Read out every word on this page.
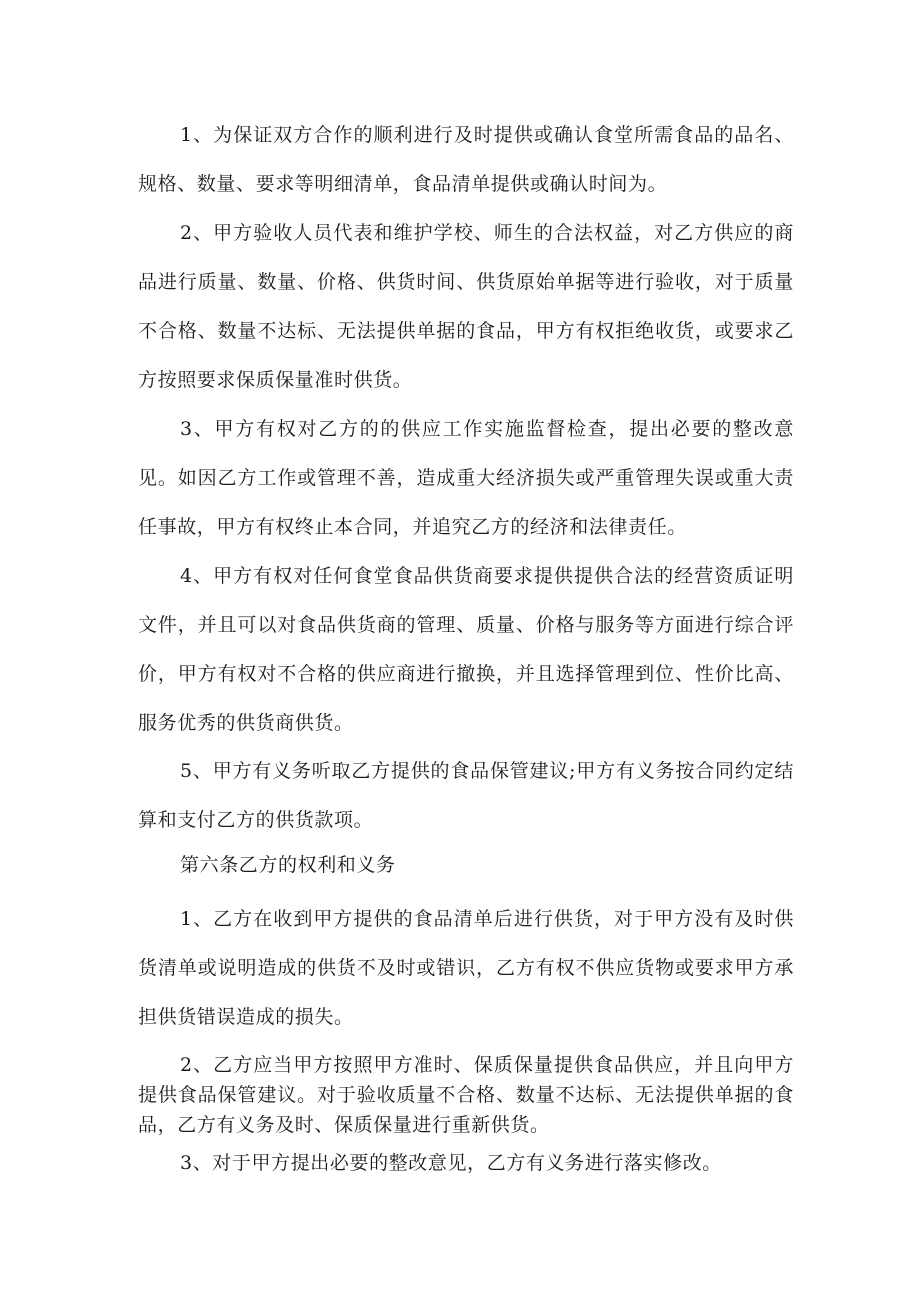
1、为保证双方合作的顺利进行及时提供或确认食堂所需食品的品名、规格、数量、要求等明细清单，食品清单提供或确认时间为。

2、甲方验收人员代表和维护学校、师生的合法权益，对乙方供应的商品进行质量、数量、价格、供货时间、供货原始单据等进行验收，对于质量不合格、数量不达标、无法提供单据的食品，甲方有权拒绝收货，或要求乙方按照要求保质保量准时供货。

3、甲方有权对乙方的的供应工作实施监督检查，提出必要的整改意见。如因乙方工作或管理不善，造成重大经济损失或严重管理失误或重大责任事故，甲方有权终止本合同，并追究乙方的经济和法律责任。

4、甲方有权对任何食堂食品供货商要求提供提供合法的经营资质证明文件，并且可以对食品供货商的管理、质量、价格与服务等方面进行综合评价，甲方有权对不合格的供应商进行撤换，并且选择管理到位、性价比高、服务优秀的供货商供货。

5、甲方有义务听取乙方提供的食品保管建议;甲方有义务按合同约定结算和支付乙方的供货款项。

第六条乙方的权利和义务

1、乙方在收到甲方提供的食品清单后进行供货，对于甲方没有及时供货清单或说明造成的供货不及时或错识，乙方有权不供应货物或要求甲方承担供货错误造成的损失。

2、乙方应当甲方按照甲方准时、保质保量提供食品供应，并且向甲方提供食品保管建议。对于验收质量不合格、数量不达标、无法提供单据的食品，乙方有义务及时、保质保量进行重新供货。

3、对于甲方提出必要的整改意见，乙方有义务进行落实修改。
